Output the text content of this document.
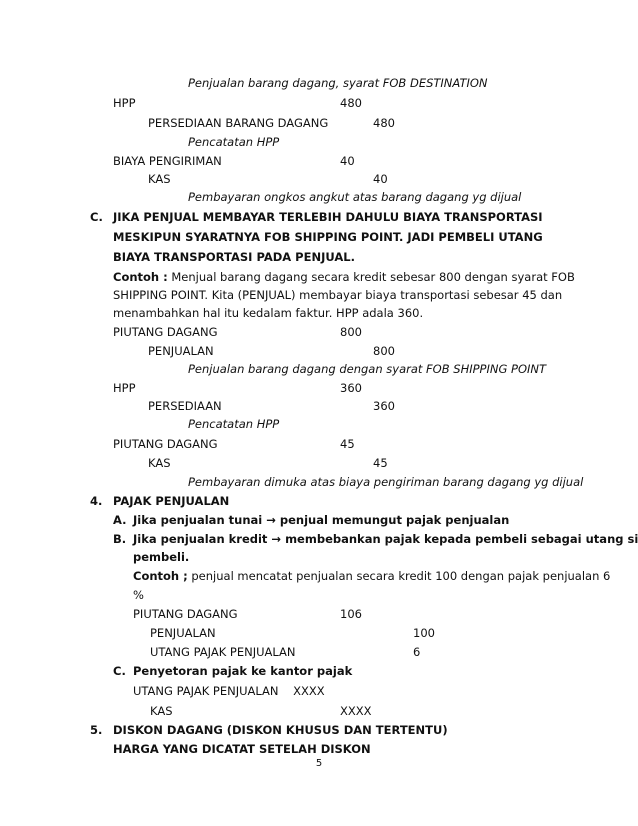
Penjualan barang dagang, syarat FOB DESTINATION
HPP	480
PERSEDIAAN BARANG DAGANG	480
Pencatatan HPP
BIAYA PENGIRIMAN	40
KAS	40
Pembayaran ongkos angkut atas barang dagang yg dijual
C. JIKA PENJUAL MEMBAYAR TERLEBIH DAHULU BIAYA TRANSPORTASI
MESKIPUN SYARATNYA FOB SHIPPING POINT. JADI PEMBELI UTANG
BIAYA TRANSPORTASI PADA PENJUAL.
Contoh : Menjual barang dagang secara kredit sebesar 800 dengan syarat FOB
SHIPPING POINT. Kita (PENJUAL) membayar biaya transportasi sebesar 45 dan
menambahkan hal itu kedalam faktur. HPP adala 360.
PIUTANG DAGANG	800
PENJUALAN	800
Penjualan barang dagang dengan syarat FOB SHIPPING POINT
HPP	360
PERSEDIAAN	360
Pencatatan HPP
PIUTANG DAGANG	45
KAS	45
Pembayaran dimuka atas biaya pengiriman barang dagang yg dijual
4. PAJAK PENJUALAN
A. Jika penjualan tunai → penjual memungut pajak penjualan
B. Jika penjualan kredit → membebankan pajak kepada pembeli sebagai utang si
pembeli.
Contoh ; penjual mencatat penjualan secara kredit 100 dengan pajak penjualan 6
%
PIUTANG DAGANG	106
PENJUALAN	100
UTANG PAJAK PENJUALAN	6
C. Penyetoran pajak ke kantor pajak
UTANG PAJAK PENJUALAN    XXXX
KAS	XXXX
5. DISKON DAGANG (DISKON KHUSUS DAN TERTENTU)
HARGA YANG DICATAT SETELAH DISKON
5
